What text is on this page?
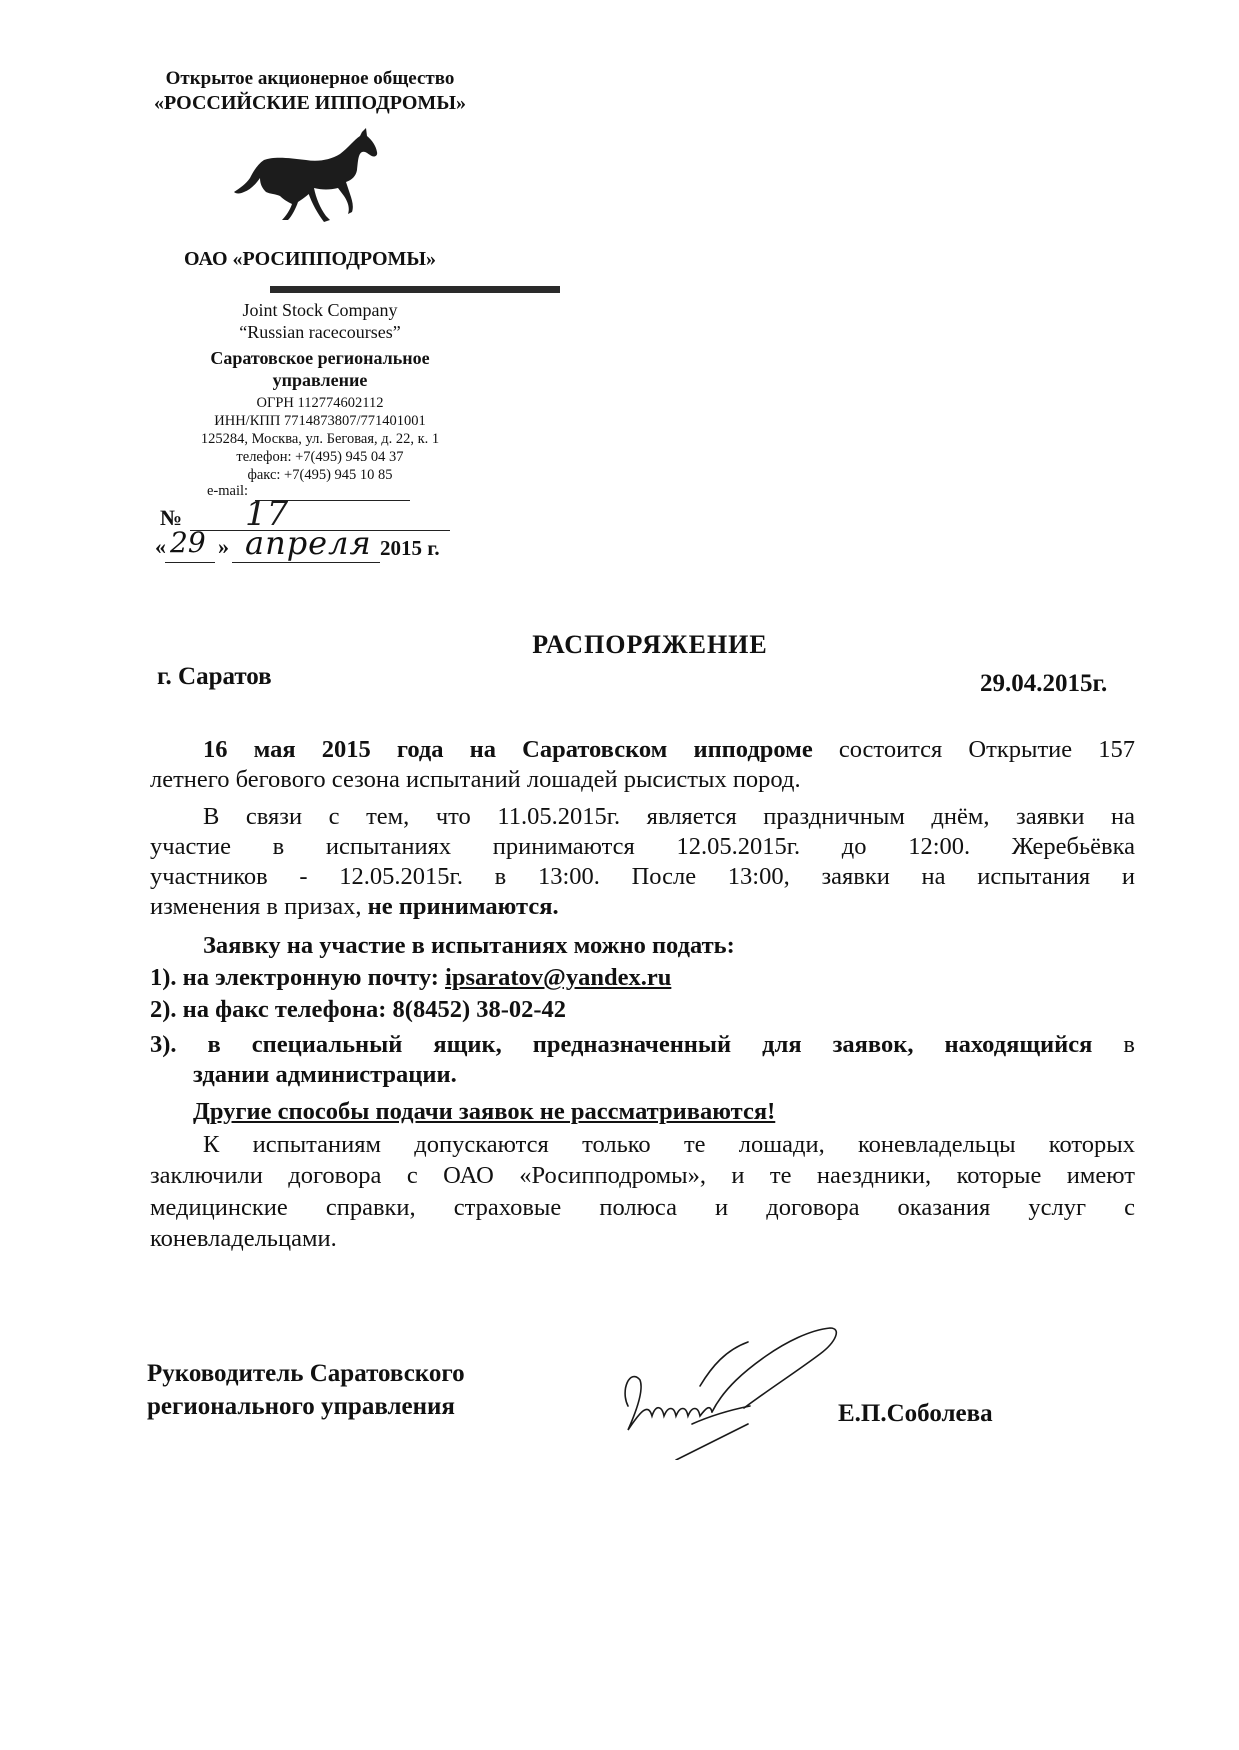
Открытое акционерное общество
«РОССИЙСКИЕ ИППОДРОМЫ»
ОАО «РОСИППОДРОМЫ»
Joint Stock Company
“Russian racecourses”
Саратовское региональное
управление
ОГРН 112774602112
ИНН/КПП 7714873807/771401001
125284, Москва, ул. Беговая, д. 22, к. 1
телефон: +7(495) 945 04 37
факс: +7(495) 945 10 85
e-mail:
№ 17
« 29 » апреля 2015 г.
РАСПОРЯЖЕНИЕ
г. Саратов	29.04.2015г.
16 мая 2015 года на Саратовском ипподроме состоится Открытие 157
летнего бегового сезона испытаний лошадей рысистых пород.
В связи с тем, что 11.05.2015г. является праздничным днём, заявки на
участие в испытаниях принимаются 12.05.2015г. до 12:00. Жеребьёвка
участников - 12.05.2015г. в 13:00. После 13:00, заявки на испытания и
изменения в призах, не принимаются.
Заявку на участие в испытаниях можно подать:
1). на электронную почту: ipsaratov@yandex.ru
2). на факс телефона: 8(8452) 38-02-42
3). в специальный ящик, предназначенный для заявок, находящийся в
здании администрации.
Другие способы подачи заявок не рассматриваются!
К испытаниям допускаются только те лошади, коневладельцы которых
заключили договора с ОАО «Росипподромы», и те наездники, которые имеют
медицинские справки, страховые полюса и договора оказания услуг с
коневладельцами.
Руководитель Саратовского
регионального управления	Е.П.Соболева
